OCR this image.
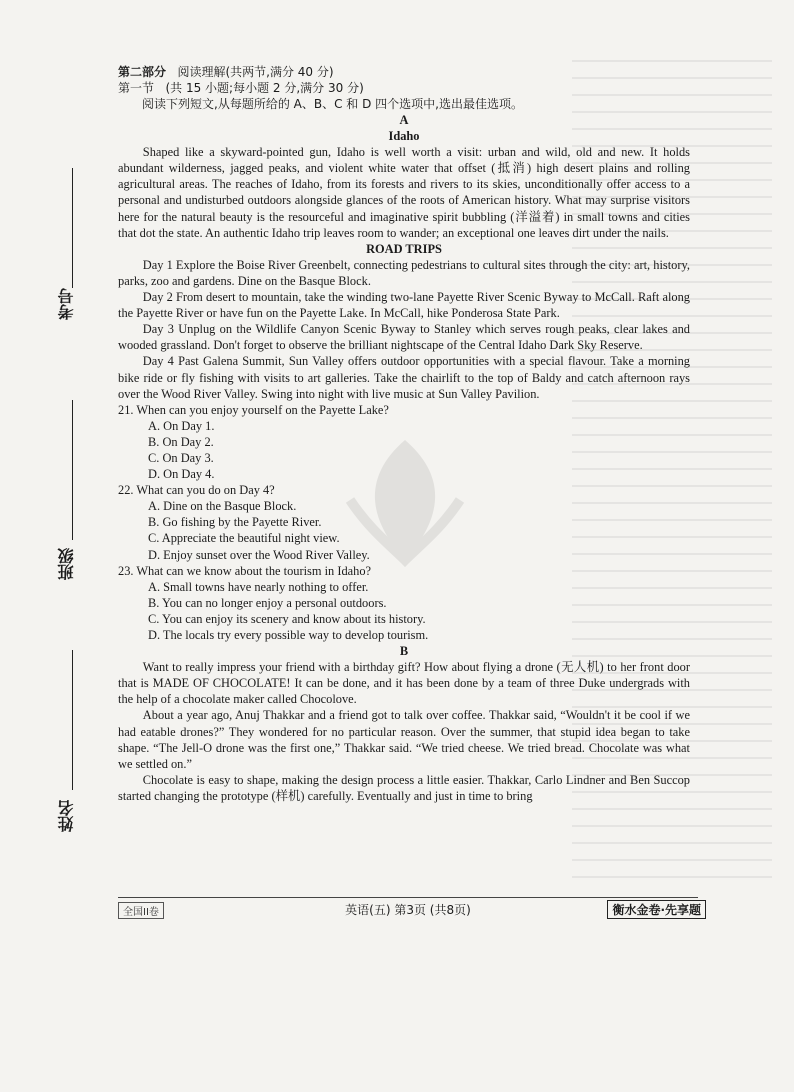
考号
班级
姓名

第二部分 阅读理解(共两节,满分 40 分)

第一节 (共 15 小题;每小题 2 分,满分 30 分)

阅读下列短文,从每题所给的 A、B、C 和 D 四个选项中,选出最佳选项。

A

Idaho

Shaped like a skyward-pointed gun, Idaho is well worth a visit: urban and wild, old and new. It holds abundant wilderness, jagged peaks, and violent white water that offset (抵消) high desert plains and rolling agricultural areas. The reaches of Idaho, from its forests and rivers to its skies, unconditionally offer access to a personal and undisturbed outdoors alongside glances of the roots of American history. What may surprise visitors here for the natural beauty is the resourceful and imaginative spirit bubbling (洋溢着) in small towns and cities that dot the state. An authentic Idaho trip leaves room to wander; an exceptional one leaves dirt under the nails.

ROAD TRIPS

Day 1 Explore the Boise River Greenbelt, connecting pedestrians to cultural sites through the city: art, history, parks, zoo and gardens. Dine on the Basque Block.

Day 2 From desert to mountain, take the winding two-lane Payette River Scenic Byway to McCall. Raft along the Payette River or have fun on the Payette Lake. In McCall, hike Ponderosa State Park.

Day 3 Unplug on the Wildlife Canyon Scenic Byway to Stanley which serves rough peaks, clear lakes and wooded grassland. Don't forget to observe the brilliant nightscape of the Central Idaho Dark Sky Reserve.

Day 4 Past Galena Summit, Sun Valley offers outdoor opportunities with a special flavour. Take a morning bike ride or fly fishing with visits to art galleries. Take the chairlift to the top of Baldy and catch afternoon rays over the Wood River Valley. Swing into night with live music at Sun Valley Pavilion.

21. When can you enjoy yourself on the Payette Lake?

A. On Day 1.

B. On Day 2.

C. On Day 3.

D. On Day 4.

22. What can you do on Day 4?

A. Dine on the Basque Block.

B. Go fishing by the Payette River.

C. Appreciate the beautiful night view.

D. Enjoy sunset over the Wood River Valley.

23. What can we know about the tourism in Idaho?

A. Small towns have nearly nothing to offer.

B. You can no longer enjoy a personal outdoors.

C. You can enjoy its scenery and know about its history.

D. The locals try every possible way to develop tourism.

B

Want to really impress your friend with a birthday gift? How about flying a drone (无人机) to her front door that is MADE OF CHOCOLATE! It can be done, and it has been done by a team of three Duke undergrads with the help of a chocolate maker called Chocolove.

About a year ago, Anuj Thakkar and a friend got to talk over coffee. Thakkar said, “Wouldn't it be cool if we had eatable drones?” They wondered for no particular reason. Over the summer, that stupid idea began to take shape. “The Jell-O drone was the first one,” Thakkar said. “We tried cheese. We tried bread. Chocolate was what we settled on.”

Chocolate is easy to shape, making the design process a little easier. Thakkar, Carlo Lindner and Ben Succop started changing the prototype (样机) carefully. Eventually and just in time to bring

全国II卷	英语(五) 第3页 (共8页)	衡水金卷·先享题
